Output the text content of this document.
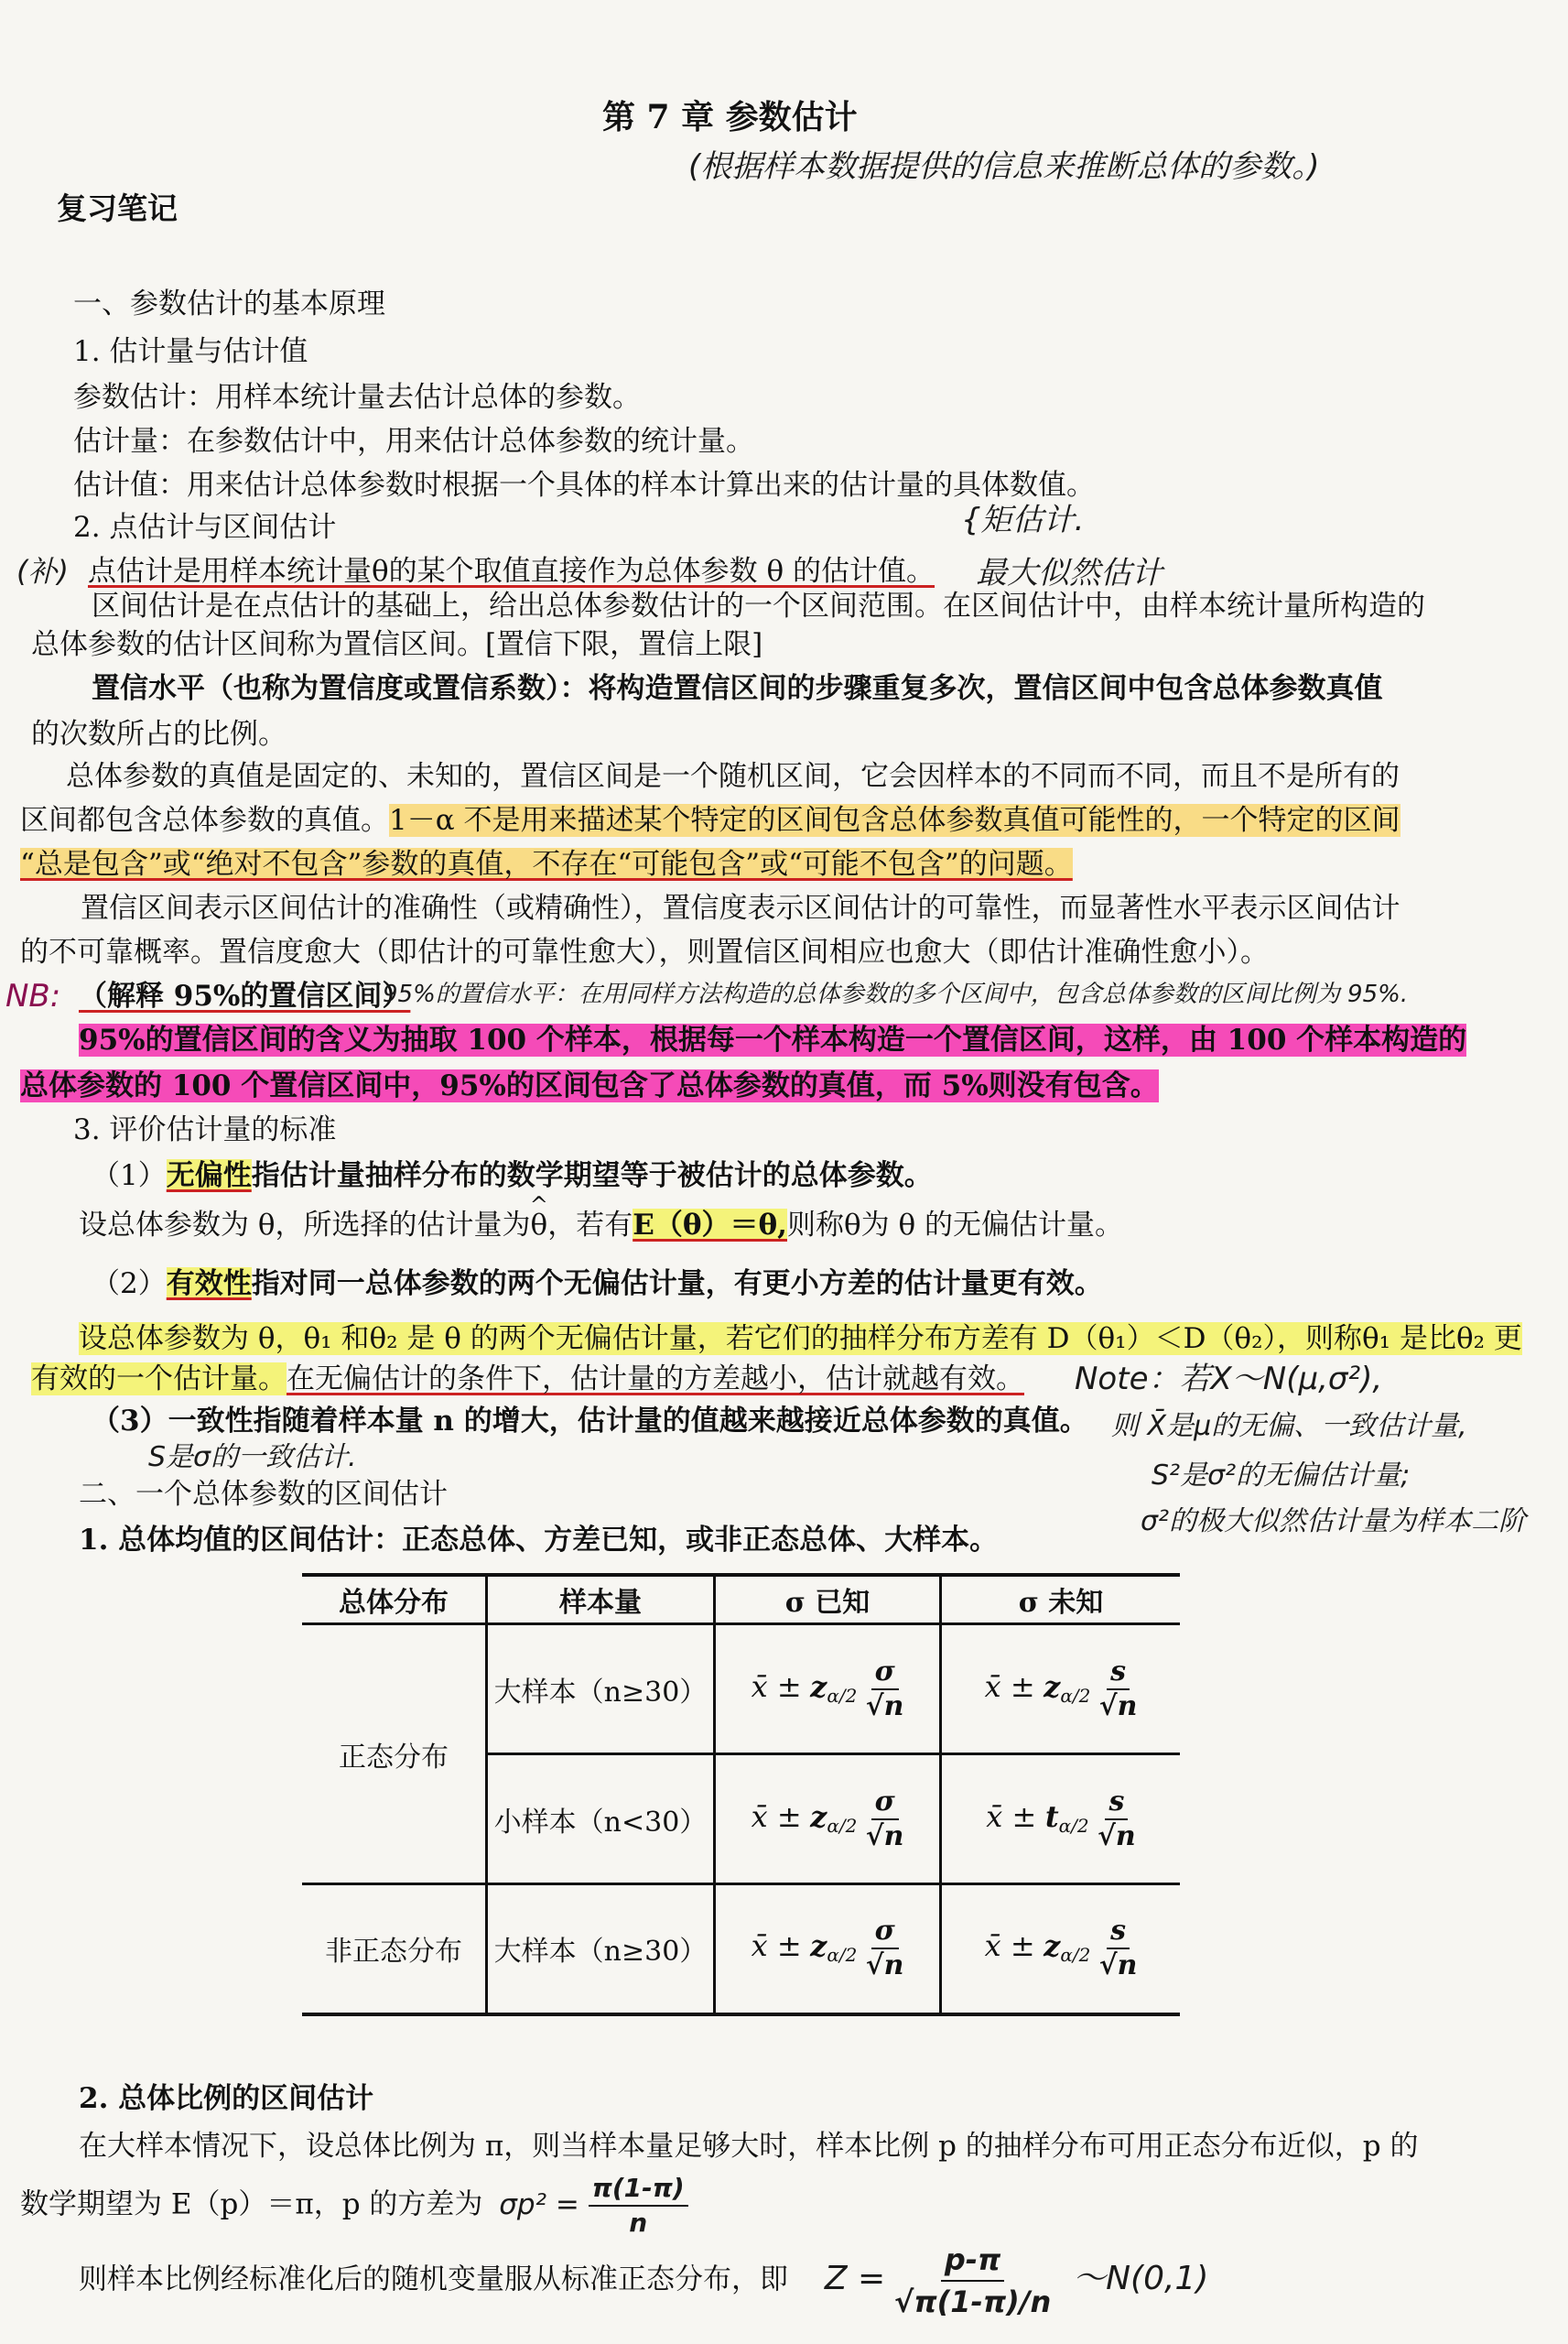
第 7 章 参数估计
(根据样本数据提供的信息来推断总体的参数。)
复习笔记
一、参数估计的基本原理
1. 估计量与估计值
参数估计：用样本统计量去估计总体的参数。
估计量：在参数估计中，用来估计总体参数的统计量。
估计值：用来估计总体参数时根据一个具体的样本计算出来的估计量的具体数值。
2. 点估计与区间估计	{矩估计.
最大似然估计
(补) 点估计是用样本统计量θ的某个取值直接作为总体参数 θ 的估计值。
区间估计是在点估计的基础上，给出总体参数估计的一个区间范围。在区间估计中，由样本统计量所构造的
总体参数的估计区间称为置信区间。[置信下限，置信上限]
置信水平（也称为置信度或置信系数）：将构造置信区间的步骤重复多次，置信区间中包含总体参数真值
的次数所占的比例。
总体参数的真值是固定的、未知的，置信区间是一个随机区间，它会因样本的不同而不同，而且不是所有的
区间都包含总体参数的真值。1－α 不是用来描述某个特定的区间包含总体参数真值可能性的，一个特定的区间
“总是包含”或“绝对不包含”参数的真值，不存在“可能包含”或“可能不包含”的问题。
置信区间表示区间估计的准确性（或精确性），置信度表示区间估计的可靠性，而显著性水平表示区间估计
的不可靠概率。置信度愈大（即估计的可靠性愈大），则置信区间相应也愈大（即估计准确性愈小）。
NB: （解释 95%的置信区间）
95%的置信水平：在用同样方法构造的总体参数的多个区间中，包含总体参数的区间比例为 95%.
95%的置信区间的含义为抽取 100 个样本，根据每一个样本构造一个置信区间，这样，由 100 个样本构造的
总体参数的 100 个置信区间中，95%的区间包含了总体参数的真值，而 5%则没有包含。
3. 评价估计量的标准
（1）无偏性指估计量抽样分布的数学期望等于被估计的总体参数。
设总体参数为 θ，所选择的估计量为^ θ，若有E（θ）＝θ,则称θ为 θ 的无偏估计量。
（2）有效性指对同一总体参数的两个无偏估计量，有更小方差的估计量更有效。
设总体参数为 θ，θ₁ 和θ₂ 是 θ 的两个无偏估计量，若它们的抽样分布方差有 D（θ₁）＜D（θ₂），则称θ₁ 是比θ₂ 更
有效的一个估计量。在无偏估计的条件下，估计量的方差越小，估计就越有效。
（3）一致性指随着样本量 n 的增大，估计量的值越来越接近总体参数的真值。
S是σ的一致估计.
Note：若X～N(μ,σ²),
则 X̄是μ的无偏、一致估计量,
S²是σ²的无偏估计量;
σ²的极大似然估计量为样本二阶
二、一个总体参数的区间估计
1. 总体均值的区间估计：正态总体、方差已知，或非正态总体、大样本。
总体分布	样本量	σ 已知	σ 未知
正态分布	大样本（n≥30）	x̄ ± $z_{\alpha/2} \frac{\sigma}{√n}$	x̄ ± $z_{\alpha/2} \frac{s}{√n}$

	小样本（n<30）	x̄ ± $z_{\alpha/2} \frac{\sigma}{√n}$	x̄ ± $t_{\alpha/2} \frac{s}{√n}$

非正态分布	大样本（n≥30）	x̄ ± $z_{\alpha/2} \frac{\sigma}{√n}$	x̄ ± $z_{\alpha/2} \frac{s}{√n}$
2. 总体比例的区间估计
在大样本情况下，设总体比例为 π，则当样本量足够大时，样本比例 p 的抽样分布可用正态分布近似，p 的
数学期望为 E（p）＝π，p 的方差为 $\sigma p^2 = \frac{\pi(1-\pi)}{n}$
则样本比例经标准化后的随机变量服从标准正态分布，即 $Z = \frac{p-\pi}{√\pi(1-\pi)/n}$ ～N(0,1)
